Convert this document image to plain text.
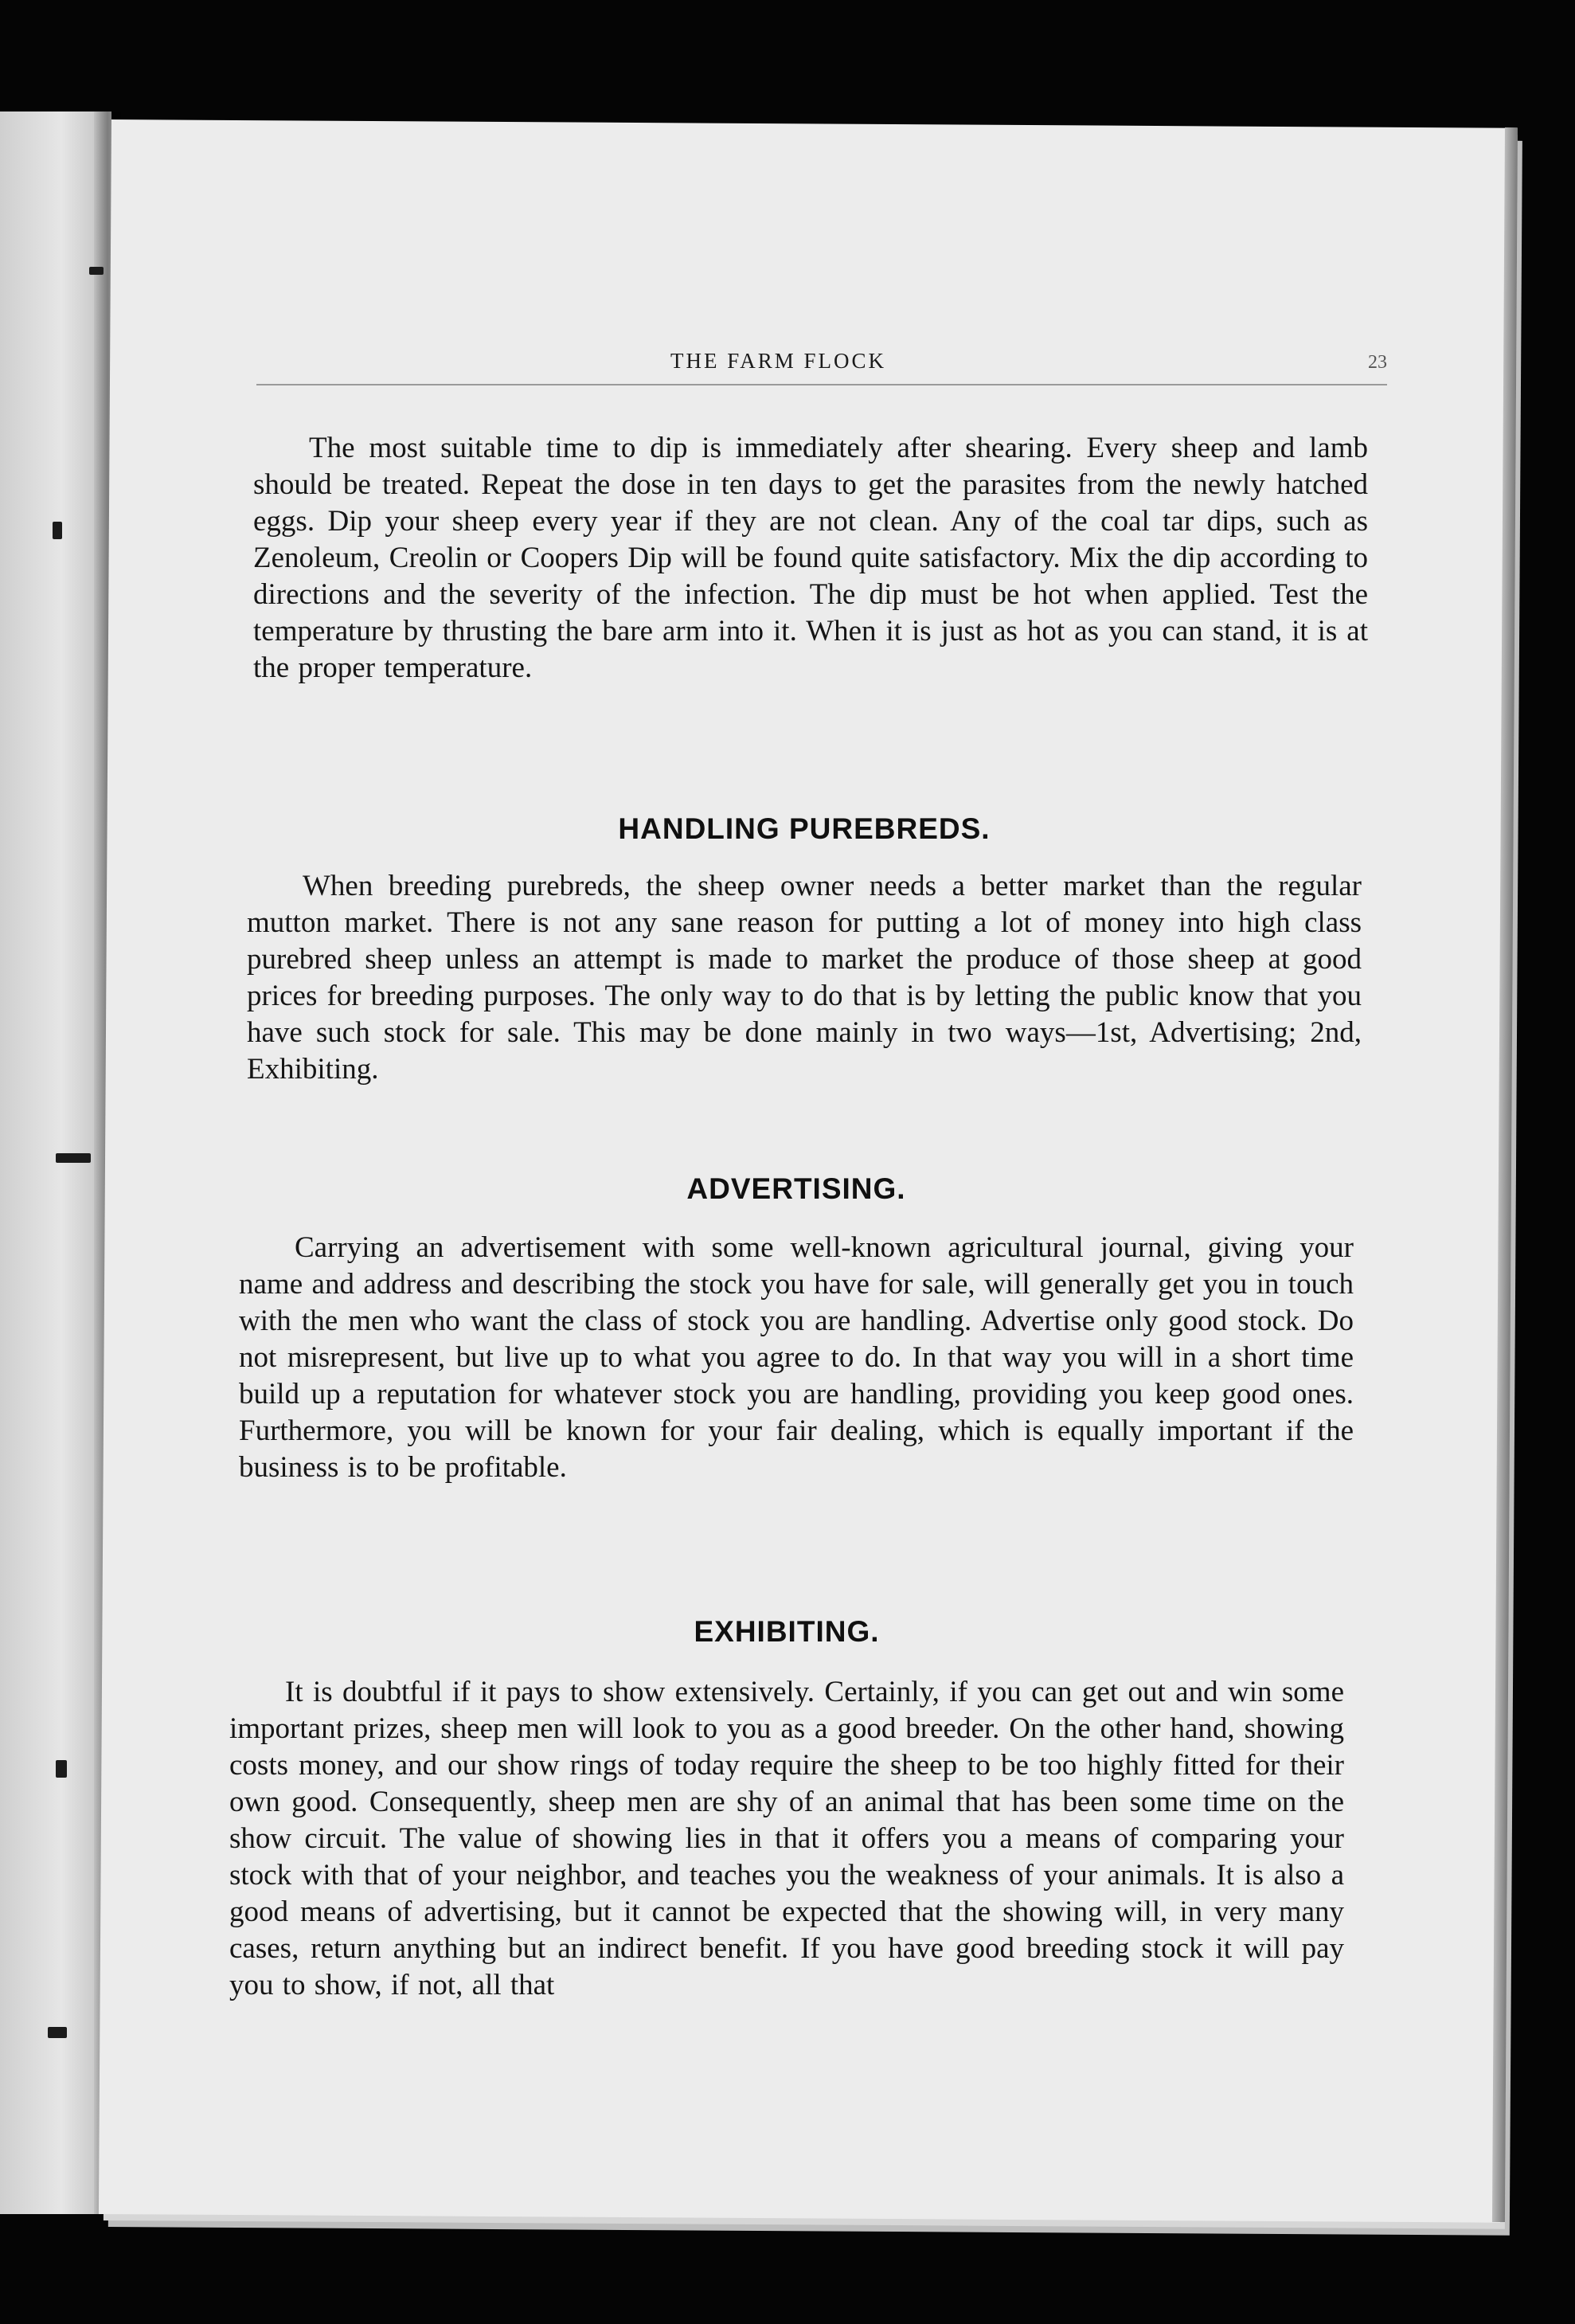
THE FARM FLOCK	23

The most suitable time to dip is immediately after shearing. Every sheep and lamb should be treated. Repeat the dose in ten days to get the parasites from the newly hatched eggs. Dip your sheep every year if they are not clean. Any of the coal tar dips, such as Zenoleum, Creolin or Coopers Dip will be found quite satisfactory. Mix the dip according to directions and the severity of the infection. The dip must be hot when applied. Test the temperature by thrusting the bare arm into it. When it is just as hot as you can stand, it is at the proper temperature.

HANDLING PUREBREDS.

When breeding purebreds, the sheep owner needs a better market than the regular mutton market. There is not any sane reason for putting a lot of money into high class purebred sheep unless an attempt is made to market the produce of those sheep at good prices for breeding purposes. The only way to do that is by letting the public know that you have such stock for sale. This may be done mainly in two ways—1st, Advertising; 2nd, Exhibiting.

ADVERTISING.

Carrying an advertisement with some well-known agricultural journal, giving your name and address and describing the stock you have for sale, will generally get you in touch with the men who want the class of stock you are handling. Advertise only good stock. Do not misrepresent, but live up to what you agree to do. In that way you will in a short time build up a reputation for whatever stock you are handling, providing you keep good ones. Furthermore, you will be known for your fair dealing, which is equally important if the business is to be profitable.

EXHIBITING.

It is doubtful if it pays to show extensively. Certainly, if you can get out and win some important prizes, sheep men will look to you as a good breeder. On the other hand, showing costs money, and our show rings of today require the sheep to be too highly fitted for their own good. Consequently, sheep men are shy of an animal that has been some time on the show circuit. The value of showing lies in that it offers you a means of comparing your stock with that of your neighbor, and teaches you the weakness of your animals. It is also a good means of advertising, but it cannot be expected that the showing will, in very many cases, return anything but an indirect benefit. If you have good breeding stock it will pay you to show, if not, all that
